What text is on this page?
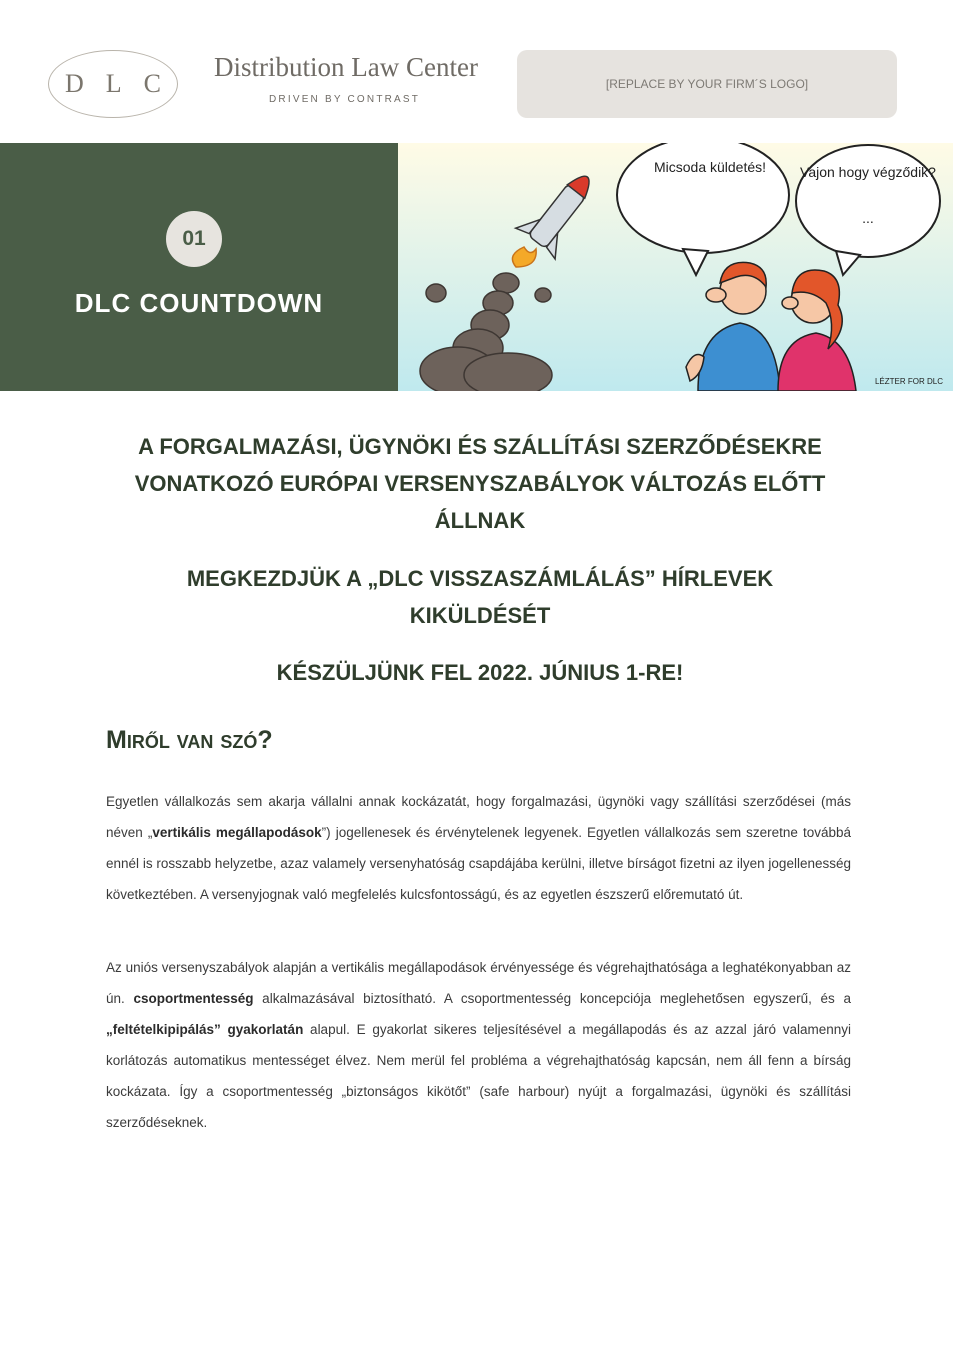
DLC
Distribution Law Center
DRIVEN BY CONTRAST
[REPLACE BY YOUR FIRM´S LOGO]
01
DLC COUNTDOWN
Micsoda küldetés! Vajon hogy végződik?
...
LÉZTER FOR DLC
A FORGALMAZÁSI, ÜGYNÖKI ÉS SZÁLLÍTÁSI SZERZŐDÉSEKRE
VONATKOZÓ EURÓPAI VERSENYSZABÁLYOK VÁLTOZÁS ELŐTT
ÁLLNAK
MEGKEZDJÜK A „DLC VISSZASZÁMLÁLÁS” HÍRLEVEK
KIKÜLDÉSÉT
KÉSZÜLJÜNK FEL 2022. JÚNIUS 1-RE!
Miről van szó?

Egyetlen vállalkozás sem akarja vállalni annak kockázatát, hogy forgalmazási, ügynöki vagy szállítási szerződései (más néven „vertikális megállapodások”) jogellenesek és érvénytelenek legyenek. Egyetlen vállalkozás sem szeretne továbbá ennél is rosszabb helyzetbe, azaz valamely versenyhatóság csapdájába kerülni, illetve bírságot fizetni az ilyen jogellenesség következtében. A versenyjognak való megfelelés kulcsfontosságú, és az egyetlen észszerű előremutató út.

Az uniós versenyszabályok alapján a vertikális megállapodások érvényessége és végrehajthatósága a leghatékonyabban az ún. csoportmentesség alkalmazásával biztosítható. A csoportmentesség koncepciója meglehetősen egyszerű, és a „feltételkipipálás” gyakorlatán alapul. E gyakorlat sikeres teljesítésével a megállapodás és az azzal járó valamennyi korlátozás automatikus mentességet élvez. Nem merül fel probléma a végrehajthatóság kapcsán, nem áll fenn a bírság kockázata. Így a csoportmentesség „biztonságos kikötőt” (safe harbour) nyújt a forgalmazási, ügynöki és szállítási szerződéseknek.
